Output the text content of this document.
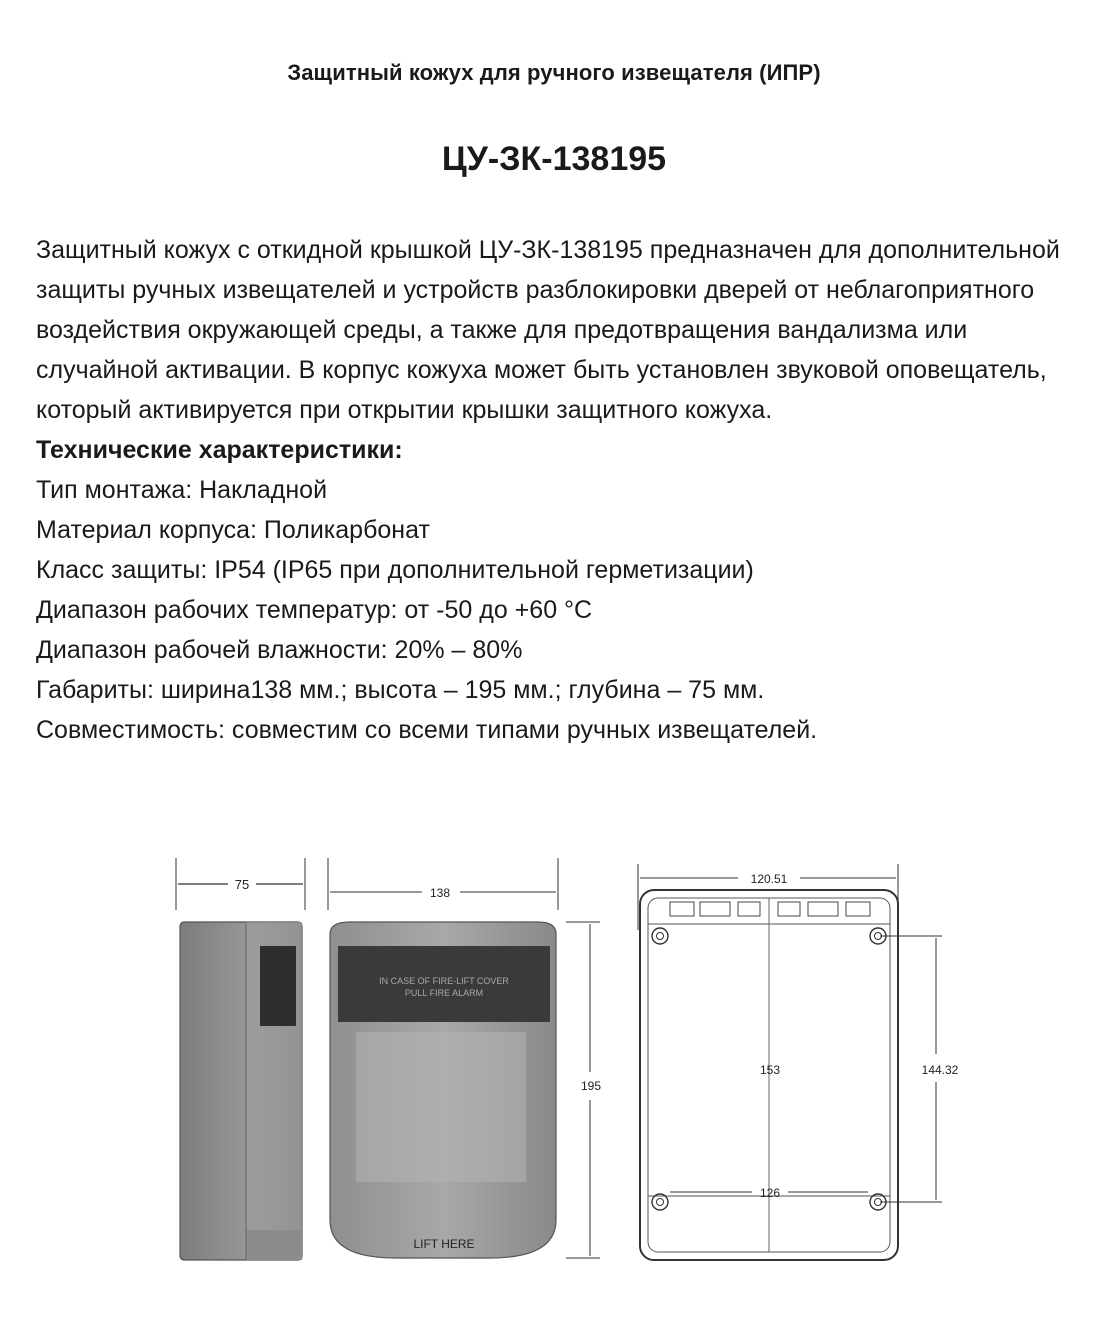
Защитный кожух для ручного извещателя (ИПР)
ЦУ-ЗК-138195

Защитный кожух с откидной крышкой ЦУ-ЗК-138195 предназначен для дополнительной защиты ручных извещателей и устройств разблокировки дверей от неблагоприятного воздействия окружающей среды, а также для предотвращения вандализма или случайной активации. В корпус кожуха может быть установлен звуковой оповещатель, который активируется при открытии крышки защитного кожуха.

Технические характеристики:
Тип монтажа: Накладной
Материал корпуса: Поликарбонат
Класс защиты: IP54 (IP65 при дополнительной герметизации)
Диапазон рабочих температур: от -50 до +60 °С
Диапазон рабочей влажности: 20% – 80%
Габариты: ширина138 мм.; высота – 195 мм.; глубина – 75 мм.
Совместимость: совместим со всеми типами ручных извещателей.
75
138
IN CASE OF FIRE-LIFT COVER
PULL FIRE ALARM
LIFT HERE
195
120.51
126
153	144.32
